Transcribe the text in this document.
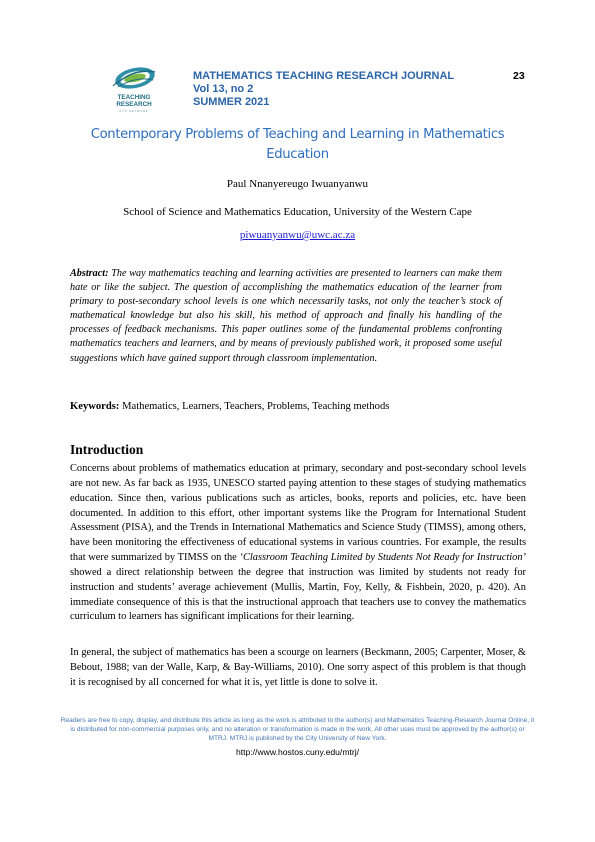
TEACHING
RESEARCH
NYC NETWORK
MATHEMATICS TEACHING RESEARCH JOURNAL
Vol 13, no 2
SUMMER 2021
23
Contemporary Problems of Teaching and Learning in Mathematics Education
Paul Nnanyereugo Iwuanyanwu
School of Science and Mathematics Education, University of the Western Cape
piwuanyanwu@uwc.ac.za
Abstract: The way mathematics teaching and learning activities are presented to learners can make them hate or like the subject. The question of accomplishing the mathematics education of the learner from primary to post-secondary school levels is one which necessarily tasks, not only the teacher’s stock of mathematical knowledge but also his skill, his method of approach and finally his handling of the processes of feedback mechanisms. This paper outlines some of the fundamental problems confronting mathematics teachers and learners, and by means of previously published work, it proposed some useful suggestions which have gained support through classroom implementation.
Keywords: Mathematics, Learners, Teachers, Problems, Teaching methods
Introduction
Concerns about problems of mathematics education at primary, secondary and post-secondary school levels are not new. As far back as 1935, UNESCO started paying attention to these stages of studying mathematics education. Since then, various publications such as articles, books, reports and policies, etc. have been documented. In addition to this effort, other important systems like the Program for International Student Assessment (PISA), and the Trends in International Mathematics and Science Study (TIMSS), among others, have been monitoring the effectiveness of educational systems in various countries. For example, the results that were summarized by TIMSS on the ‘Classroom Teaching Limited by Students Not Ready for Instruction’ showed a direct relationship between the degree that instruction was limited by students not ready for instruction and students’ average achievement (Mullis, Martin, Foy, Kelly, & Fishbein, 2020, p. 420). An immediate consequence of this is that the instructional approach that teachers use to convey the mathematics curriculum to learners has significant implications for their learning.
In general, the subject of mathematics has been a scourge on learners (Beckmann, 2005; Carpenter, Moser, & Bebout, 1988; van der Walle, Karp, & Bay-Williams, 2010). One sorry aspect of this problem is that though it is recognised by all concerned for what it is, yet little is done to solve it.
Readers are free to copy, display, and distribute this article as long as the work is attributed to the author(s) and Mathematics Teaching-Research Journal Online, it is distributed for non-commercial purposes only, and no alteration or transformation is made in the work. All other uses must be approved by the author(s) or MTRJ. MTRJ is published by the City University of New York.
http://www.hostos.cuny.edu/mtrj/
